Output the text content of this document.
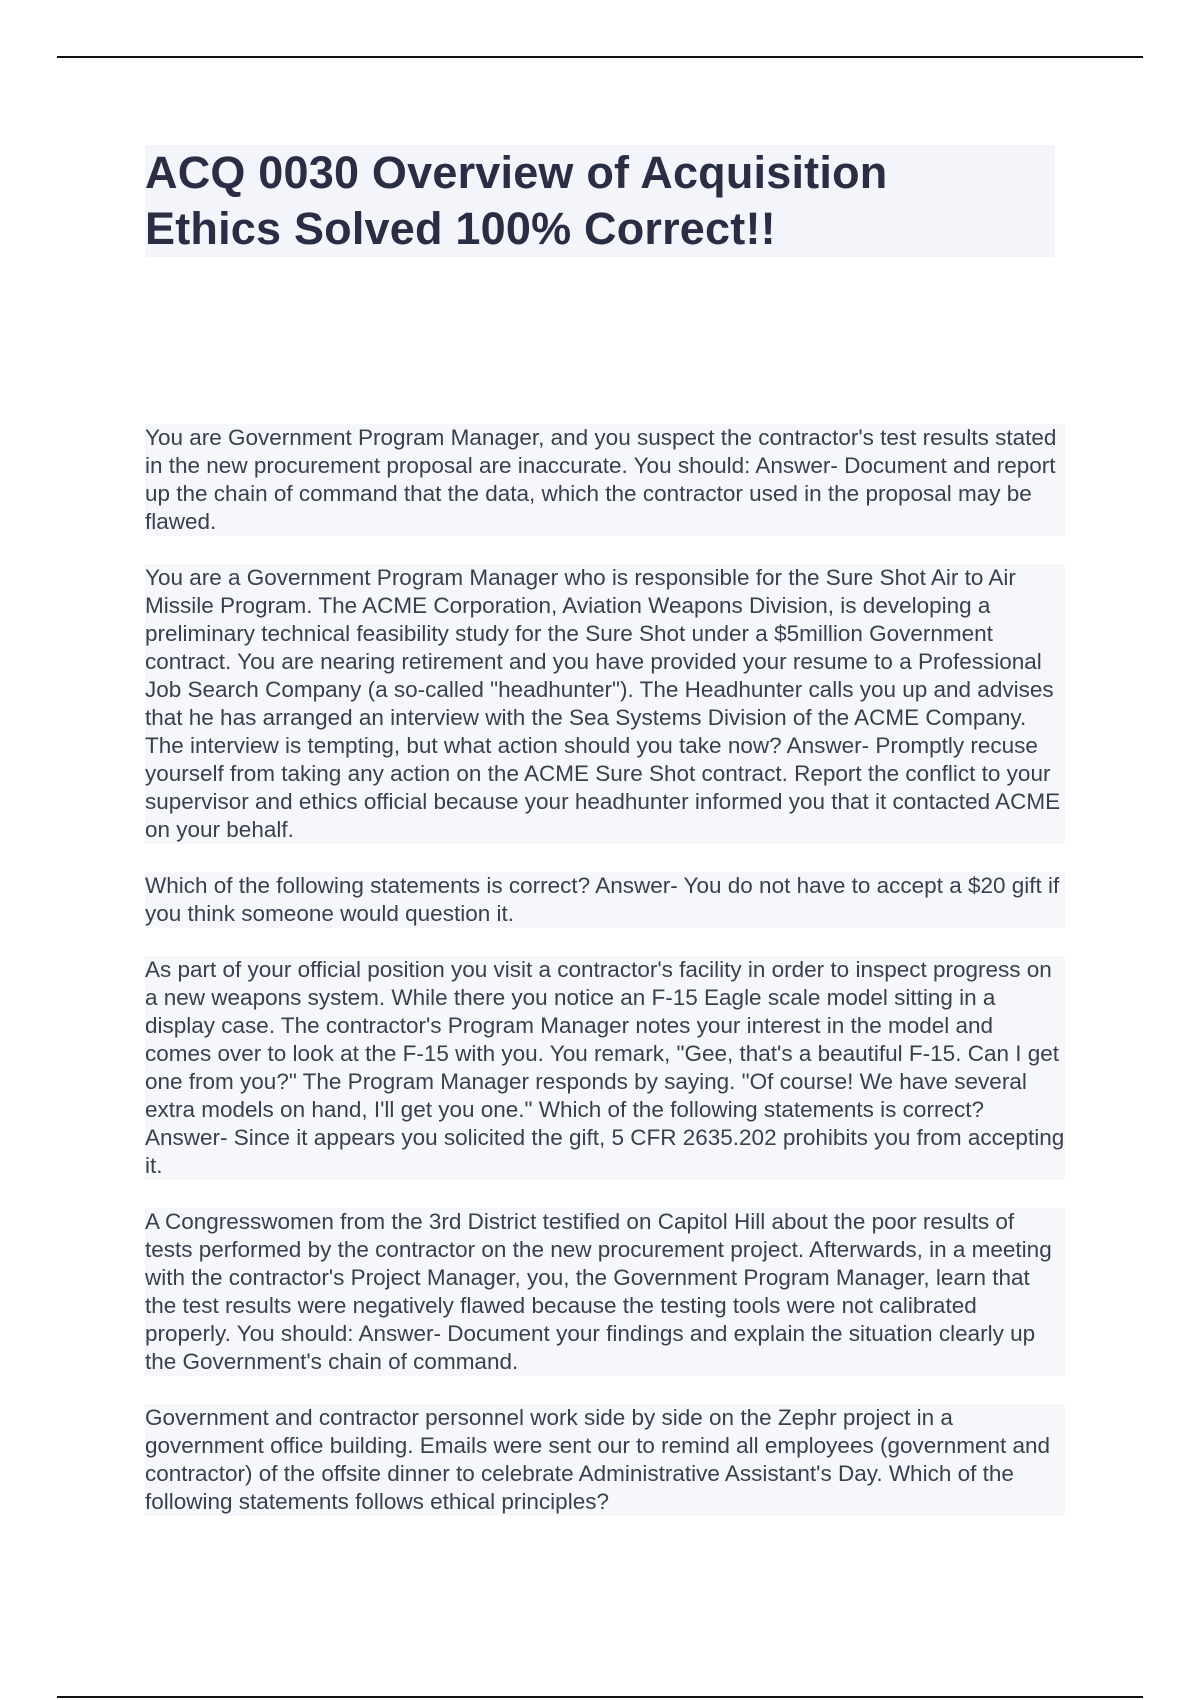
ACQ 0030 Overview of Acquisition
Ethics Solved 100% Correct!!

You are Government Program Manager, and you suspect the contractor's test results stated in the new procurement proposal are inaccurate. You should: Answer- Document and report up the chain of command that the data, which the contractor used in the proposal may be flawed.

You are a Government Program Manager who is responsible for the Sure Shot Air to Air Missile Program. The ACME Corporation, Aviation Weapons Division, is developing a preliminary technical feasibility study for the Sure Shot under a $5million Government contract. You are nearing retirement and you have provided your resume to a Professional Job Search Company (a so-called "headhunter"). The Headhunter calls you up and advises that he has arranged an interview with the Sea Systems Division of the ACME Company. The interview is tempting, but what action should you take now? Answer- Promptly recuse yourself from taking any action on the ACME Sure Shot contract. Report the conflict to your supervisor and ethics official because your headhunter informed you that it contacted ACME on your behalf.

Which of the following statements is correct? Answer- You do not have to accept a $20 gift if you think someone would question it.

As part of your official position you visit a contractor's facility in order to inspect progress on a new weapons system. While there you notice an F-15 Eagle scale model sitting in a display case. The contractor's Program Manager notes your interest in the model and comes over to look at the F-15 with you. You remark, "Gee, that's a beautiful F-15. Can I get one from you?" The Program Manager responds by saying. "Of course! We have several extra models on hand, I'll get you one." Which of the following statements is correct? Answer- Since it appears you solicited the gift, 5 CFR 2635.202 prohibits you from accepting it.

A Congresswomen from the 3rd District testified on Capitol Hill about the poor results of tests performed by the contractor on the new procurement project. Afterwards, in a meeting with the contractor's Project Manager, you, the Government Program Manager, learn that the test results were negatively flawed because the testing tools were not calibrated properly. You should: Answer- Document your findings and explain the situation clearly up the Government's chain of command.

Government and contractor personnel work side by side on the Zephr project in a government office building. Emails were sent our to remind all employees (government and contractor) of the offsite dinner to celebrate Administrative Assistant's Day. Which of the following statements follows ethical principles?
